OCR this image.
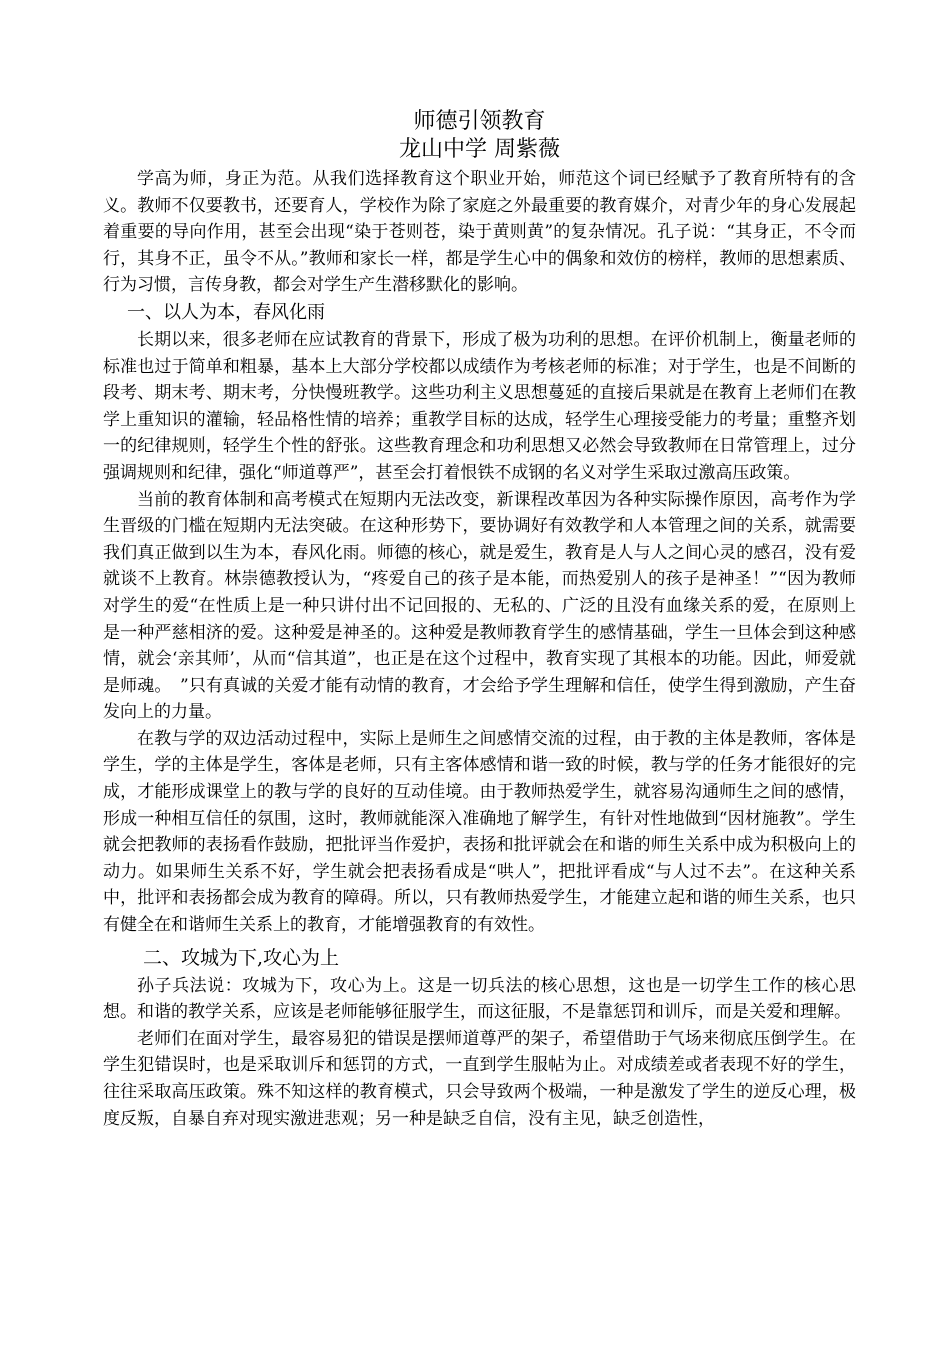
师德引领教育
龙山中学 周紫薇

学高为师，身正为范。从我们选择教育这个职业开始，师范这个词已经赋予了教育所特有的含义。教师不仅要教书，还要育人，学校作为除了家庭之外最重要的教育媒介，对青少年的身心发展起着重要的导向作用，甚至会出现“染于苍则苍，染于黄则黄”的复杂情况。孔子说：“其身正，不令而行，其身不正，虽令不从。”教师和家长一样，都是学生心中的偶象和效仿的榜样，教师的思想素质、行为习惯，言传身教，都会对学生产生潜移默化的影响。

一、以人为本，春风化雨

长期以来，很多老师在应试教育的背景下，形成了极为功利的思想。在评价机制上，衡量老师的标准也过于简单和粗暴，基本上大部分学校都以成绩作为考核老师的标准；对于学生，也是不间断的段考、期末考、期末考，分快慢班教学。这些功利主义思想蔓延的直接后果就是在教育上老师们在教学上重知识的灌输，轻品格性情的培养；重教学目标的达成，轻学生心理接受能力的考量；重整齐划一的纪律规则，轻学生个性的舒张。这些教育理念和功利思想又必然会导致教师在日常管理上，过分强调规则和纪律，强化“师道尊严”，甚至会打着恨铁不成钢的名义对学生采取过激高压政策。

当前的教育体制和高考模式在短期内无法改变，新课程改革因为各种实际操作原因，高考作为学生晋级的门槛在短期内无法突破。在这种形势下，要协调好有效教学和人本管理之间的关系，就需要我们真正做到以生为本，春风化雨。师德的核心，就是爱生，教育是人与人之间心灵的感召，没有爱就谈不上教育。林崇德教授认为，“疼爱自己的孩子是本能，而热爱别人的孩子是神圣！”“因为教师对学生的爱“在性质上是一种只讲付出不记回报的、无私的、广泛的且没有血缘关系的爱，在原则上是一种严慈相济的爱。这种爱是神圣的。这种爱是教师教育学生的感情基础，学生一旦体会到这种感情，就会‘亲其师’，从而“信其道”，也正是在这个过程中，教育实现了其根本的功能。因此，师爱就是师魂。　”只有真诚的关爱才能有动情的教育，才会给予学生理解和信任，使学生得到激励，产生奋发向上的力量。

在教与学的双边活动过程中，实际上是师生之间感情交流的过程，由于教的主体是教师，客体是学生，学的主体是学生，客体是老师，只有主客体感情和谐一致的时候，教与学的任务才能很好的完成，才能形成课堂上的教与学的良好的互动佳境。由于教师热爱学生，就容易沟通师生之间的感情，形成一种相互信任的氛围，这时，教师就能深入准确地了解学生，有针对性地做到“因材施教”。学生就会把教师的表扬看作鼓励，把批评当作爱护，表扬和批评就会在和谐的师生关系中成为积极向上的动力。如果师生关系不好，学生就会把表扬看成是“哄人”，把批评看成“与人过不去”。在这种关系中，批评和表扬都会成为教育的障碍。所以，只有教师热爱学生，才能建立起和谐的师生关系，也只有健全在和谐师生关系上的教育，才能增强教育的有效性。

二、攻城为下,攻心为上

孙子兵法说：攻城为下，攻心为上。这是一切兵法的核心思想，这也是一切学生工作的核心思想。和谐的教学关系，应该是老师能够征服学生，而这征服，不是靠惩罚和训斥，而是关爱和理解。

老师们在面对学生，最容易犯的错误是摆师道尊严的架子，希望借助于气场来彻底压倒学生。在学生犯错误时，也是采取训斥和惩罚的方式，一直到学生服帖为止。对成绩差或者表现不好的学生，往往采取高压政策。殊不知这样的教育模式，只会导致两个极端，一种是激发了学生的逆反心理，极度反叛，自暴自弃对现实激进悲观；另一种是缺乏自信，没有主见，缺乏创造性，
